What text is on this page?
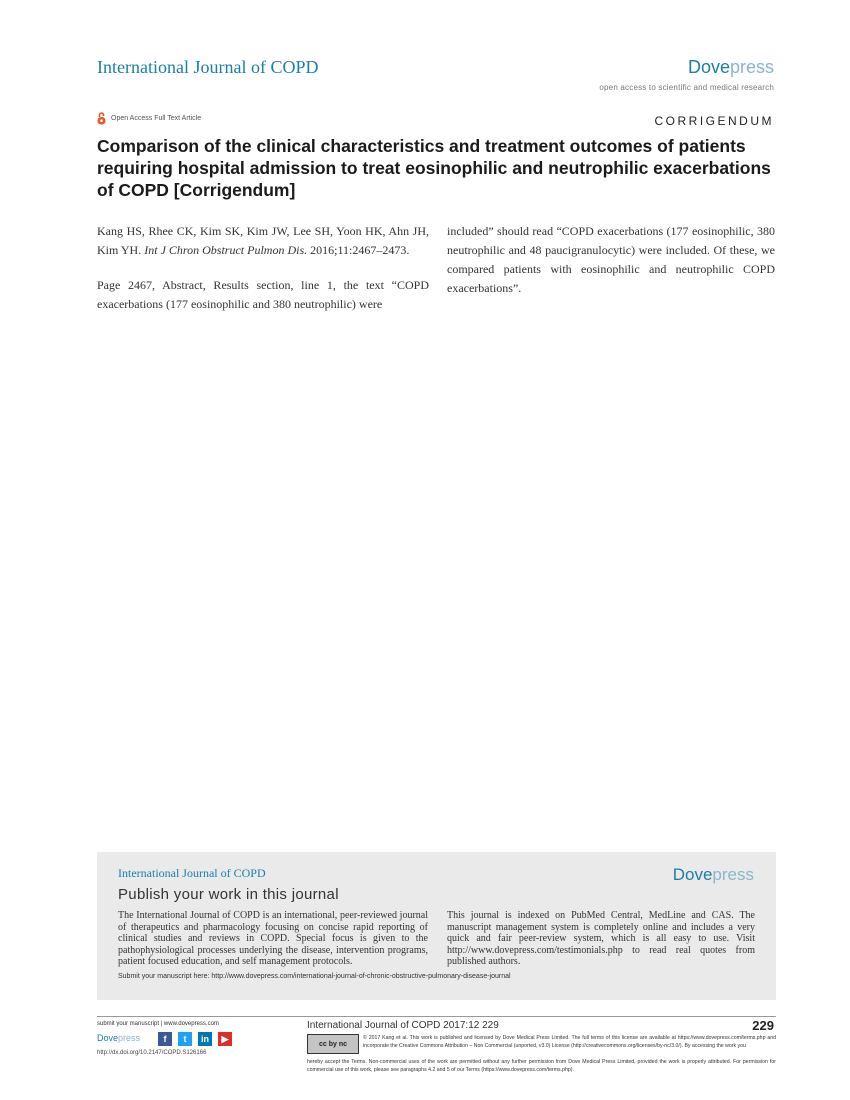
International Journal of COPD	Dovepress
open access to scientific and medical research
Open Access Full Text Article	CORRIGENDUM
Comparison of the clinical characteristics and treatment outcomes of patients requiring hospital admission to treat eosinophilic and neutrophilic exacerbations of COPD [Corrigendum]

Kang HS, Rhee CK, Kim SK, Kim JW, Lee SH, Yoon HK, Ahn JH, Kim YH. Int J Chron Obstruct Pulmon Dis. 2016;11:2467–2473.

Page 2467, Abstract, Results section, line 1, the text “COPD exacerbations (177 eosinophilic and 380 neutrophilic) were

included” should read “COPD exacerbations (177 eosinophilic, 380 neutrophilic and 48 paucigranulocytic) were included. Of these, we compared patients with eosinophilic and neutrophilic COPD exacerbations”.

International Journal of COPD	Dovepress
Publish your work in this journal
The International Journal of COPD is an international, peer-reviewed journal of therapeutics and pharmacology focusing on concise rapid reporting of clinical studies and reviews in COPD. Special focus is given to the pathophysiological processes underlying the disease, intervention programs, patient focused education, and self management protocols.
This journal is indexed on PubMed Central, MedLine and CAS. The manuscript management system is completely online and includes a very quick and fair peer-review system, which is all easy to use. Visit http://www.dovepress.com/testimonials.php to read real quotes from published authors.
Submit your manuscript here: http://www.dovepress.com/international-journal-of-chronic-obstructive-pulmonary-disease-journal
submit your manuscript | www.dovepress.com
Dovepress	f	t	in	▶
http://dx.doi.org/10.2147/COPD.S126166
International Journal of COPD 2017:12 229	229
cc by nc
© 2017 Kang et al. This work is published and licensed by Dove Medical Press Limited. The full terms of this license are available at https://www.dovepress.com/terms.php and incorporate the Creative Commons Attribution – Non Commercial (unported, v3.0) License (http://creativecommons.org/licenses/by-nc/3.0/). By accessing the work you
hereby accept the Terms. Non-commercial uses of the work are permitted without any further permission from Dove Medical Press Limited, provided the work is properly attributed. For permission for commercial use of this work, please see paragraphs 4.2 and 5 of our Terms (https://www.dovepress.com/terms.php).
